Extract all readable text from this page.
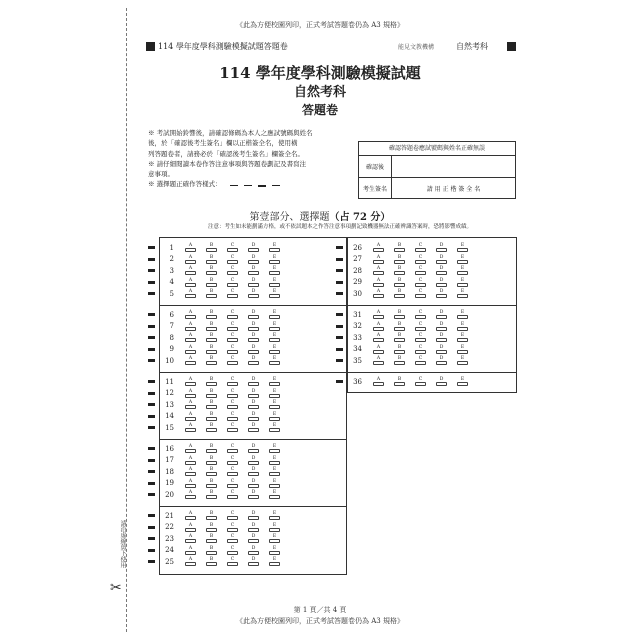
請沿虛線剪下使用
✂
《此為方便校園列印，正式考試答題卷仍為 A3 規格》
114 學年度學科測驗模擬試題答題卷	能見文教機構	自然考科
114 學年度學科測驗模擬試題
自然考科
答題卷
※ 考試開始鈴響後，請確認條碼為本人之應試號碼與姓名
後，於「確認後考生簽名」欄以正楷簽全名，使用橫
列答題卷者，請務必於「確認後考生簽名」欄簽全名。
※ 請仔細閱讀本卷作答注意事項與答題卷劃記及書寫注
意事項。
※ 選擇題正確作答樣式：
確認答題卷應試號碼與姓名正確無誤
確認後
考生簽名	請 用 正 楷 簽 全 名
第壹部分、選擇題（占 72 分）
注意：考生如未能劃滿方格，或不依試題本之作答注意事項劃記致機器無法正確辨識答案時，恐將影響成績。
1	A	B	C	D	E
2	A	B	C	D	E
3	A	B	C	D	E
4	A	B	C	D	E
5	A	B	C	D	E
6	A	B	C	D	E
7	A	B	C	D	E
8	A	B	C	D	E
9	A	B	C	D	E
10	A	B	C	D	E
11	A	B	C	D	E
12	A	B	C	D	E
13	A	B	C	D	E
14	A	B	C	D	E
15	A	B	C	D	E
16	A	B	C	D	E
17	A	B	C	D	E
18	A	B	C	D	E
19	A	B	C	D	E
20	A	B	C	D	E
21	A	B	C	D	E
22	A	B	C	D	E
23	A	B	C	D	E
24	A	B	C	D	E
25	A	B	C	D	E
26	A	B	C	D	E
27	A	B	C	D	E
28	A	B	C	D	E
29	A	B	C	D	E
30	A	B	C	D	E
31	A	B	C	D	E
32	A	B	C	D	E
33	A	B	C	D	E
34	A	B	C	D	E
35	A	B	C	D	E
36	A	B	C	D	E
第 1 頁／共 4 頁
《此為方便校園列印，正式考試答題卷仍為 A3 規格》
